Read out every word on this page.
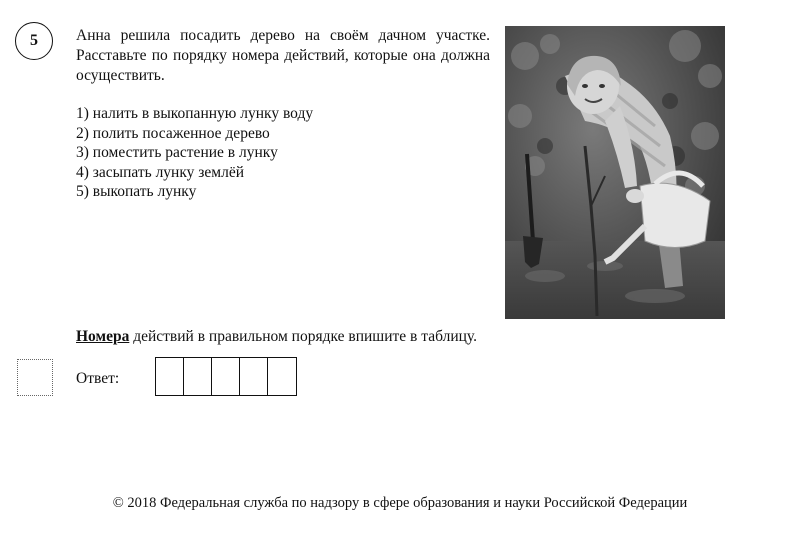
5 Анна решила посадить дерево на своём дачном участке. Расставьте по порядку номера действий, которые она должна осуществить.
1) налить в выкопанную лунку воду
2) полить посаженное дерево
3) поместить растение в лунку
4) засыпать лунку землёй
5) выкопать лунку
Номера действий в правильном порядке впишите в таблицу.
Ответ:
© 2018 Федеральная служба по надзору в сфере образования и науки Российской Федерации
